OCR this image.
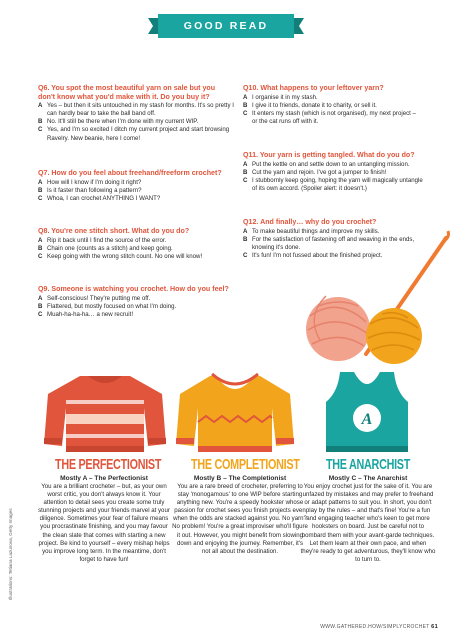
GOOD READ
Q6. You spot the most beautiful yarn on sale but you don't know what you'd make with it. Do you buy it?
A Yes – but then it sits untouched in my stash for months. It's so pretty I can hardly bear to take the ball band off.
B No. It'll still be there when I'm done with my current WIP.
C Yes, and I'm so excited I ditch my current project and start browsing Ravelry. New beanie, here I come!
Q7. How do you feel about freehand/freeform crochet?
A How will I know if I'm doing it right?
B Is it faster than following a pattern?
C Whoa, I can crochet ANYTHING I WANT?
Q8. You're one stitch short. What do you do?
A Rip it back until I find the source of the error.
B Chain one (counts as a stitch) and keep going.
C Keep going with the wrong stitch count. No one will know!
Q9. Someone is watching you crochet. How do you feel?
A Self-conscious! They're putting me off.
B Flattered, but mostly focused on what I'm doing.
C Muah-ha-ha-ha… a new recruit!
Q10. What happens to your leftover yarn?
A I organise it in my stash.
B I give it to friends, donate it to charity, or sell it.
C It enters my stash (which is not organised), my next project – or the cat runs off with it.
Q11. Your yarn is getting tangled. What do you do?
A Put the kettle on and settle down to an untangling mission.
B Cut the yarn and rejoin. I've got a jumper to finish!
C I stubbornly keep going, hoping the yarn will magically untangle of its own accord. (Spoiler alert: it doesn't.)
Q12. And finally… why do you crochet?
A To make beautiful things and improve my skills.
B For the satisfaction of fastening off and weaving in the ends, knowing it's done.
C It's fun! I'm not fussed about the finished project.
A
THE PERFECTIONIST
Mostly A – The Perfectionist
You are a brilliant crocheter – but, as your own worst critic, you don't always know it. Your attention to detail sees you create some truly stunning projects and your friends marvel at your diligence. Sometimes your fear of failure means you procrastinate finishing, and you may favour the clean slate that comes with starting a new project. Be kind to yourself – every mishap helps you improve long term. In the meantime, don't forget to have fun!
THE COMPLETIONIST
Mostly B – The Completionist
You are a rare breed of crocheter, preferring to stay 'monogamous' to one WIP before starting anything new. You're a speedy hookster whose passion for crochet sees you finish projects even when the odds are stacked against you. No yarn? No problem! You're a great improviser who'll figure it out. However, you might benefit from slowing down and enjoying the journey. Remember, it's not all about the destination.
THE ANARCHIST
Mostly C – The Anarchist
You enjoy crochet just for the sake of it. You are unfazed by mistakes and may prefer to freehand or adapt patterns to suit you. In short, you don't play by the rules – and that's fine! You're a fun and engaging teacher who's keen to get more hooksters on board. Just be careful not to bombard them with your avant-garde techniques. Let them learn at their own pace, and when they're ready to get adventurous, they'll know who to turn to.
Illustrations: Tetiana Lazunova, Getty Images
WWW.GATHERED.HOW/SIMPLYCROCHET 61
